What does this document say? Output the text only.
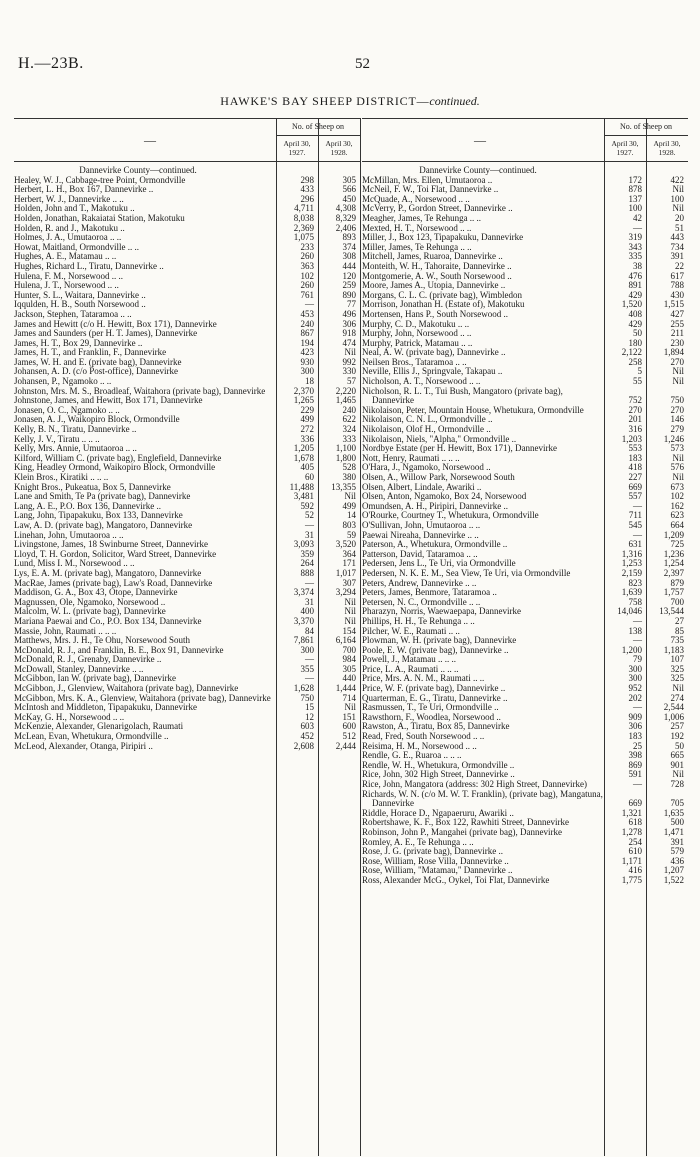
H.—23B.	52
HAWKE'S BAY SHEEP DISTRICT—continued.
—
No. of Sheep on
April 30, 1927.
April 30, 1928.
Dannevirke County—continued.
Healey, W. J., Cabbage-tree Point, Ormondville	298	305
Herbert, L. H., Box 167, Dannevirke ..	433	566
Herbert, W. J., Dannevirke .. ..	296	450
Holden, John and T., Makotuku ..	4,711	4,308
Holden, Jonathan, Rakaiatai Station, Makotuku	8,038	8,329
Holden, R. and J., Makotuku ..	2,369	2,406
Holmes, J. A., Umutaoroa .. ..	1,075	893
Howat, Maitland, Ormondville .. ..	233	374
Hughes, A. E., Matamau .. ..	260	308
Hughes, Richard L., Tiratu, Dannevirke ..	363	444
Hulena, F. M., Norsewood .. ..	102	120
Hulena, J. T., Norsewood .. ..	260	259
Hunter, S. L., Waitara, Dannevirke ..	761	890
Iqqulden, H. B., South Norsewood ..	—	77
Jackson, Stephen, Tataramoa .. ..	453	496
James and Hewitt (c/o H. Hewitt, Box 171), Dannevirke	240	306
James and Saunders (per H. T. James), Dannevirke	867	918
James, H. T., Box 29, Dannevirke ..	194	474
James, H. T., and Franklin, F., Dannevirke	423	Nil
James, W. H. and E. (private bag), Dannevirke	930	992
Johansen, A. D. (c/o Post-office), Dannevirke	300	330
Johansen, P., Ngamoko .. ..	18	57
Johnston, Mrs. M. S., Broadleaf, Waitahora (private bag), Dannevirke	2,370	2,220
Johnstone, James, and Hewitt, Box 171, Dannevirke	1,265	1,465
Jonasen, O. C., Ngamoko .. ..	229	240
Jonasen, A. J., Waikopiro Block, Ormondville	499	622
Kelly, B. N., Tiratu, Dannevirke ..	272	324
Kelly, J. V., Tiratu .. .. ..	336	333
Kelly, Mrs. Annie, Umutaoroa .. ..	1,205	1,100
Kilford, William C. (private bag), Englefield, Dannevirke	1,678	1,800
King, Headley Ormond, Waikopiro Block, Ormondville	405	528
Klein Bros., Kiratiki .. .. ..	60	380
Knight Bros., Pukeatua, Box 5, Dannevirke	11,488	13,355
Lane and Smith, Te Pa (private bag), Dannevirke	3,481	Nil
Lang, A. E., P.O. Box 136, Dannevirke ..	592	499
Lang, John, Tipapakuku, Box 133, Dannevirke	52	14
Law, A. D. (private bag), Mangatoro, Dannevirke	—	803
Linehan, John, Umutaoroa .. ..	31	59
Livingstone, James, 18 Swinburne Street, Dannevirke	3,093	3,520
Lloyd, T. H. Gordon, Solicitor, Ward Street, Dannevirke	359	364
Lund, Miss I. M., Norsewood .. ..	264	171
Lys, E. A. M. (private bag), Mangatoro, Dannevirke	888	1,017
MacRae, James (private bag), Law's Road, Dannevirke	—	307
Maddison, G. A., Box 43, Otope, Dannevirke	3,374	3,294
Magnussen, Ole, Ngamoko, Norsewood ..	31	Nil
Malcolm, W. L. (private bag), Dannevirke	400	Nil
Mariana Paewai and Co., P.O. Box 134, Dannevirke	3,370	Nil
Massie, John, Raumati .. .. ..	84	154
Matthews, Mrs. J. H., Te Ohu, Norsewood South	7,861	6,164
McDonald, R. J., and Franklin, B. E., Box 91, Dannevirke	300	700
McDonald, R. J., Grenaby, Dannevirke ..	—	984
McDowall, Stanley, Dannevirke .. ..	355	305
McGibbon, Ian W. (private bag), Dannevirke	—	440
McGibbon, J., Glenview, Waitahora (private bag), Dannevirke	1,628	1,444
McGibbon, Mrs. K. A., Glenview, Waitahora (private bag), Dannevirke	750	714
McIntosh and Middleton, Tipapakuku, Dannevirke	15	Nil
McKay, G. H., Norsewood .. ..	12	151
McKenzie, Alexander, Glenarigolach, Raumati	603	600
McLean, Evan, Whetukura, Ormondville ..	452	512
McLeod, Alexander, Otanga, Piripiri ..	2,608	2,444
—
No. of Sheep on
April 30, 1927.
April 30, 1928.
Dannevirke County—continued.
McMillan, Mrs. Ellen, Umutaoroa ..	172	422
McNeil, F. W., Toi Flat, Dannevirke ..	878	Nil
McQuade, A., Norsewood .. ..	137	100
McVerry, P., Gordon Street, Dannevirke ..	100	Nil
Meagher, James, Te Rehunga .. ..	42	20
Mexted, H. T., Norsewood .. ..	—	51
Miller, J., Box 123, Tipapakuku, Dannevirke	319	443
Miller, James, Te Rehunga .. ..	343	734
Mitchell, James, Ruaroa, Dannevirke ..	335	391
Monteith, W. H., Tahoraite, Dannevirke ..	38	22
Montgomerie, A. W., South Norsewood ..	476	617
Moore, James A., Utopia, Dannevirke ..	891	788
Morgans, C. L. C. (private bag), Wimbledon	429	430
Morrison, Jonathan H. (Estate of), Makotuku	1,520	1,515
Mortensen, Hans P., South Norsewood ..	408	427
Murphy, C. D., Makotuku .. ..	429	255
Murphy, John, Norsewood .. ..	50	211
Murphy, Patrick, Matamau .. ..	180	230
Neal, A. W. (private bag), Dannevirke ..	2,122	1,894
Neilsen Bros., Tataramoa .. ..	258	270
Neville, Ellis J., Springvale, Takapau ..	5	Nil
Nicholson, A. T., Norsewood .. ..	55	Nil
Nicholson, R. L. T., Tui Bush, Mangatoro (private bag), Dannevirke	752	750
Nikolaison, Peter, Mountain House, Whetukura, Ormondville	270	270
Nikolaison, C. N. L., Ormondville ..	201	146
Nikolaison, Olof H., Ormondville ..	316	279
Nikolaison, Niels, "Alpha," Ormondville ..	1,203	1,246
Nordbye Estate (per H. Hewitt, Box 171), Dannevirke	553	573
Nott, Henry, Raumati .. .. ..	183	Nil
O'Hara, J., Ngamoko, Norsewood ..	418	576
Olsen, A., Willow Park, Norsewood South	227	Nil
Olsen, Albert, Lindale, Awariki ..	669	673
Olsen, Anton, Ngamoko, Box 24, Norsewood	557	102
Omundsen, A. H., Piripiri, Dannevirke ..	—	162
O'Rourke, Courtney T., Whetukura, Ormondville	711	623
O'Sullivan, John, Umutaoroa .. ..	545	664
Paewai Nireaha, Dannevirke .. ..	—	1,209
Paterson, A., Whetukura, Ormondville ..	631	725
Patterson, David, Tataramoa .. ..	1,316	1,236
Pedersen, Jens L., Te Uri, via Ormondville	1,253	1,254
Pedersen, N. K. E. M., Sea View, Te Uri, via Ormondville	2,159	2,397
Peters, Andrew, Dannevirke .. ..	823	879
Peters, James, Benmore, Tataramoa ..	1,639	1,757
Petersen, N. C., Ormondville .. ..	758	700
Pharazyn, Norris, Waewaepapa, Dannevirke	14,046	13,544
Phillips, H. H., Te Rehunga .. ..	—	27
Pilcher, W. E., Raumati .. ..	138	85
Plowman, W. H. (private bag), Dannevirke	—	735
Poole, E. W. (private bag), Dannevirke ..	1,200	1,183
Powell, J., Matamau .. .. ..	79	107
Price, L. A., Raumati .. .. ..	300	325
Price, Mrs. A. N. M., Raumati .. ..	300	325
Price, W. F. (private bag), Dannevirke ..	952	Nil
Quarterman, E. G., Tiratu, Dannevirke ..	202	274
Rasmussen, T., Te Uri, Ormondville ..	—	2,544
Rawsthorn, F., Woodlea, Norsewood ..	909	1,006
Rawston, A., Tiratu, Box 85, Dannevirke	306	257
Read, Fred, South Norsewood .. ..	183	192
Reisima, H. M., Norsewood .. ..	25	50
Rendle, G. E., Ruaroa .. .. ..	398	665
Rendle, W. H., Whetukura, Ormondville ..	869	901
Rice, John, 302 High Street, Dannevirke ..	591	Nil
Rice, John, Mangatora (address: 302 High Street, Dannevirke)	—	728
Richards, W. N. (c/o M. W. T. Franklin), (private bag), Mangatuna, Dannevirke	669	705
Riddle, Horace D., Ngapaeruru, Awariki ..	1,321	1,635
Robertshawe, K. F., Box 122, Rawhiti Street, Dannevirke	618	500
Robinson, John P., Mangahei (private bag), Dannevirke	1,278	1,471
Romley, A. E., Te Rehunga .. ..	254	391
Rose, J. G. (private bag), Dannevirke ..	610	579
Rose, William, Rose Villa, Dannevirke ..	1,171	436
Rose, William, "Matamau," Dannevirke ..	416	1,207
Ross, Alexander McG., Oykel, Toi Flat, Dannevirke	1,775	1,522
